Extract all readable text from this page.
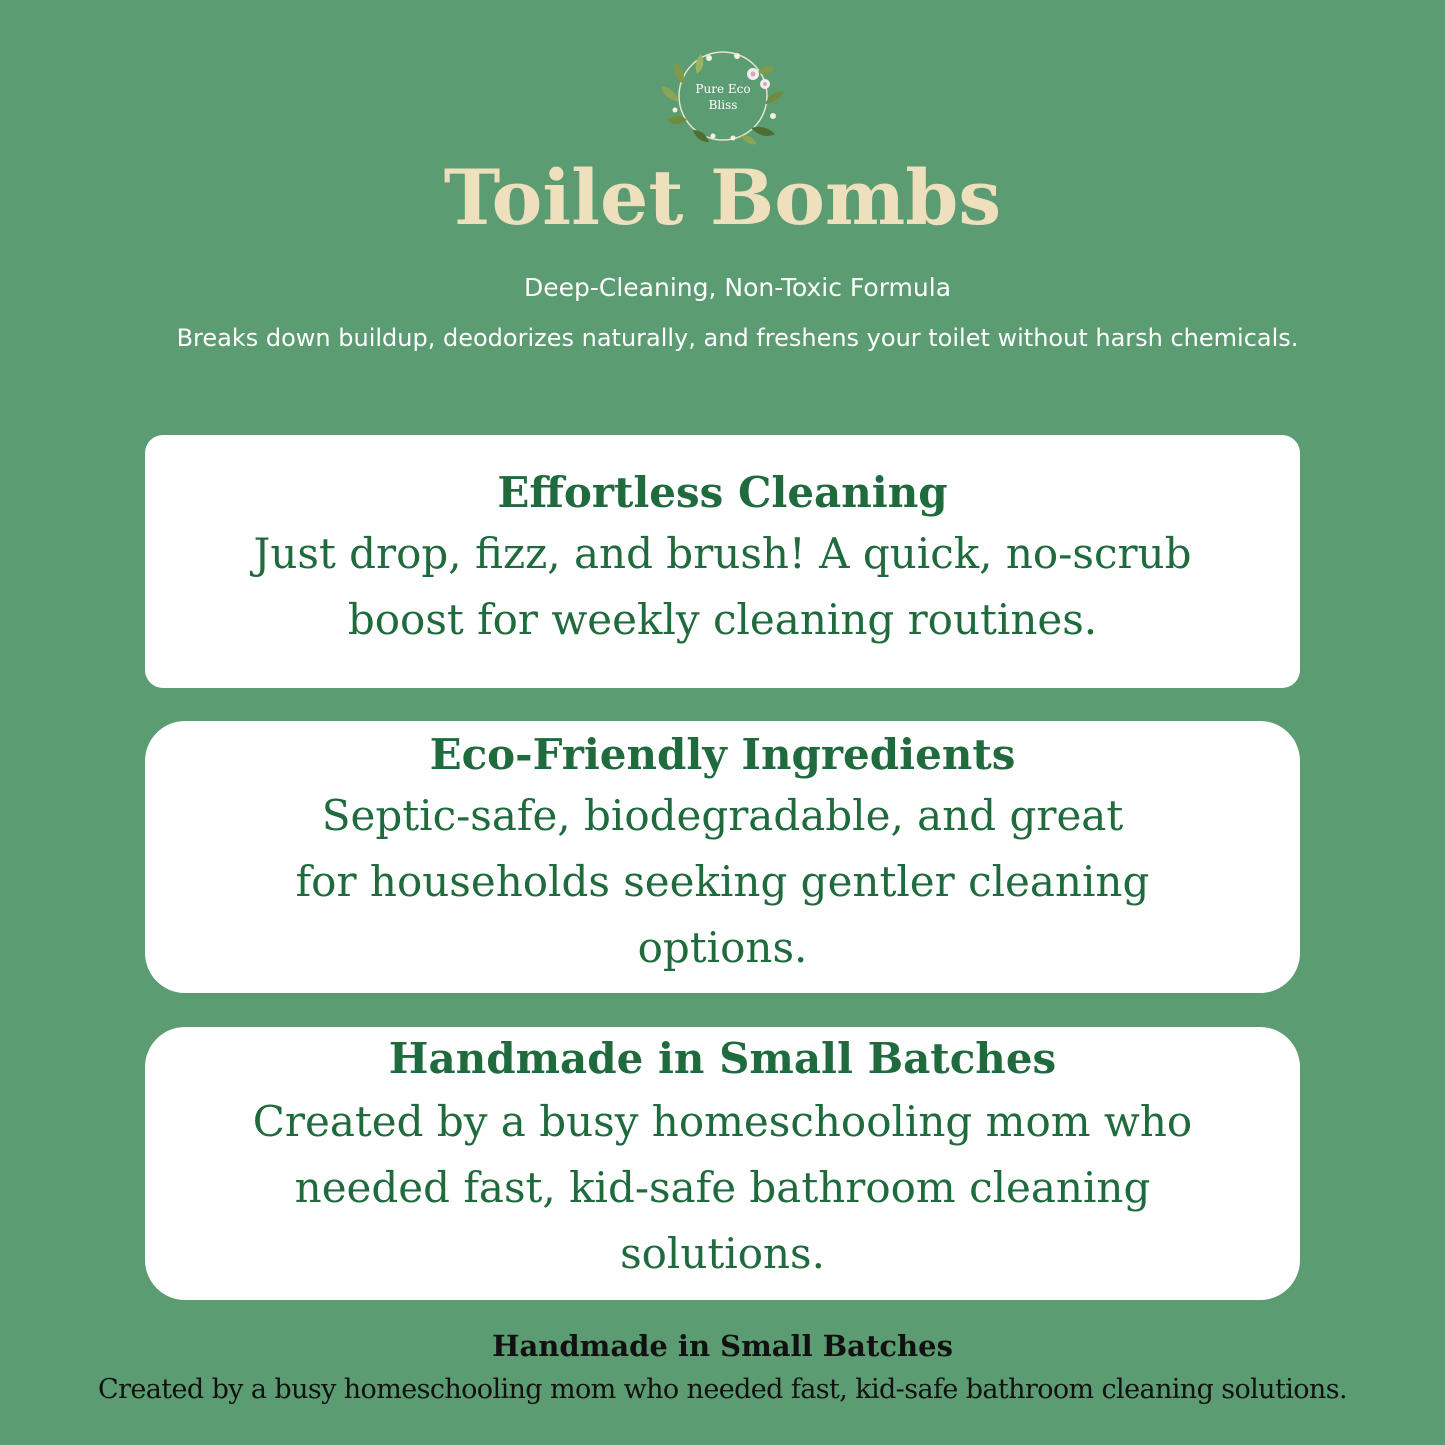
Pure Eco
Bliss
Toilet Bombs
Deep-Cleaning, Non-Toxic Formula
Breaks down buildup, deodorizes naturally, and freshens your toilet without harsh chemicals.
Effortless Cleaning
Just drop, fizz, and brush! A quick, no-scrub boost for weekly cleaning routines.
Eco-Friendly Ingredients
Septic-safe, biodegradable, and great for households seeking gentler cleaning options.
Handmade in Small Batches
Created by a busy homeschooling mom who needed fast, kid-safe bathroom cleaning solutions.
Handmade in Small Batches
Created by a busy homeschooling mom who needed fast, kid-safe bathroom cleaning solutions.
